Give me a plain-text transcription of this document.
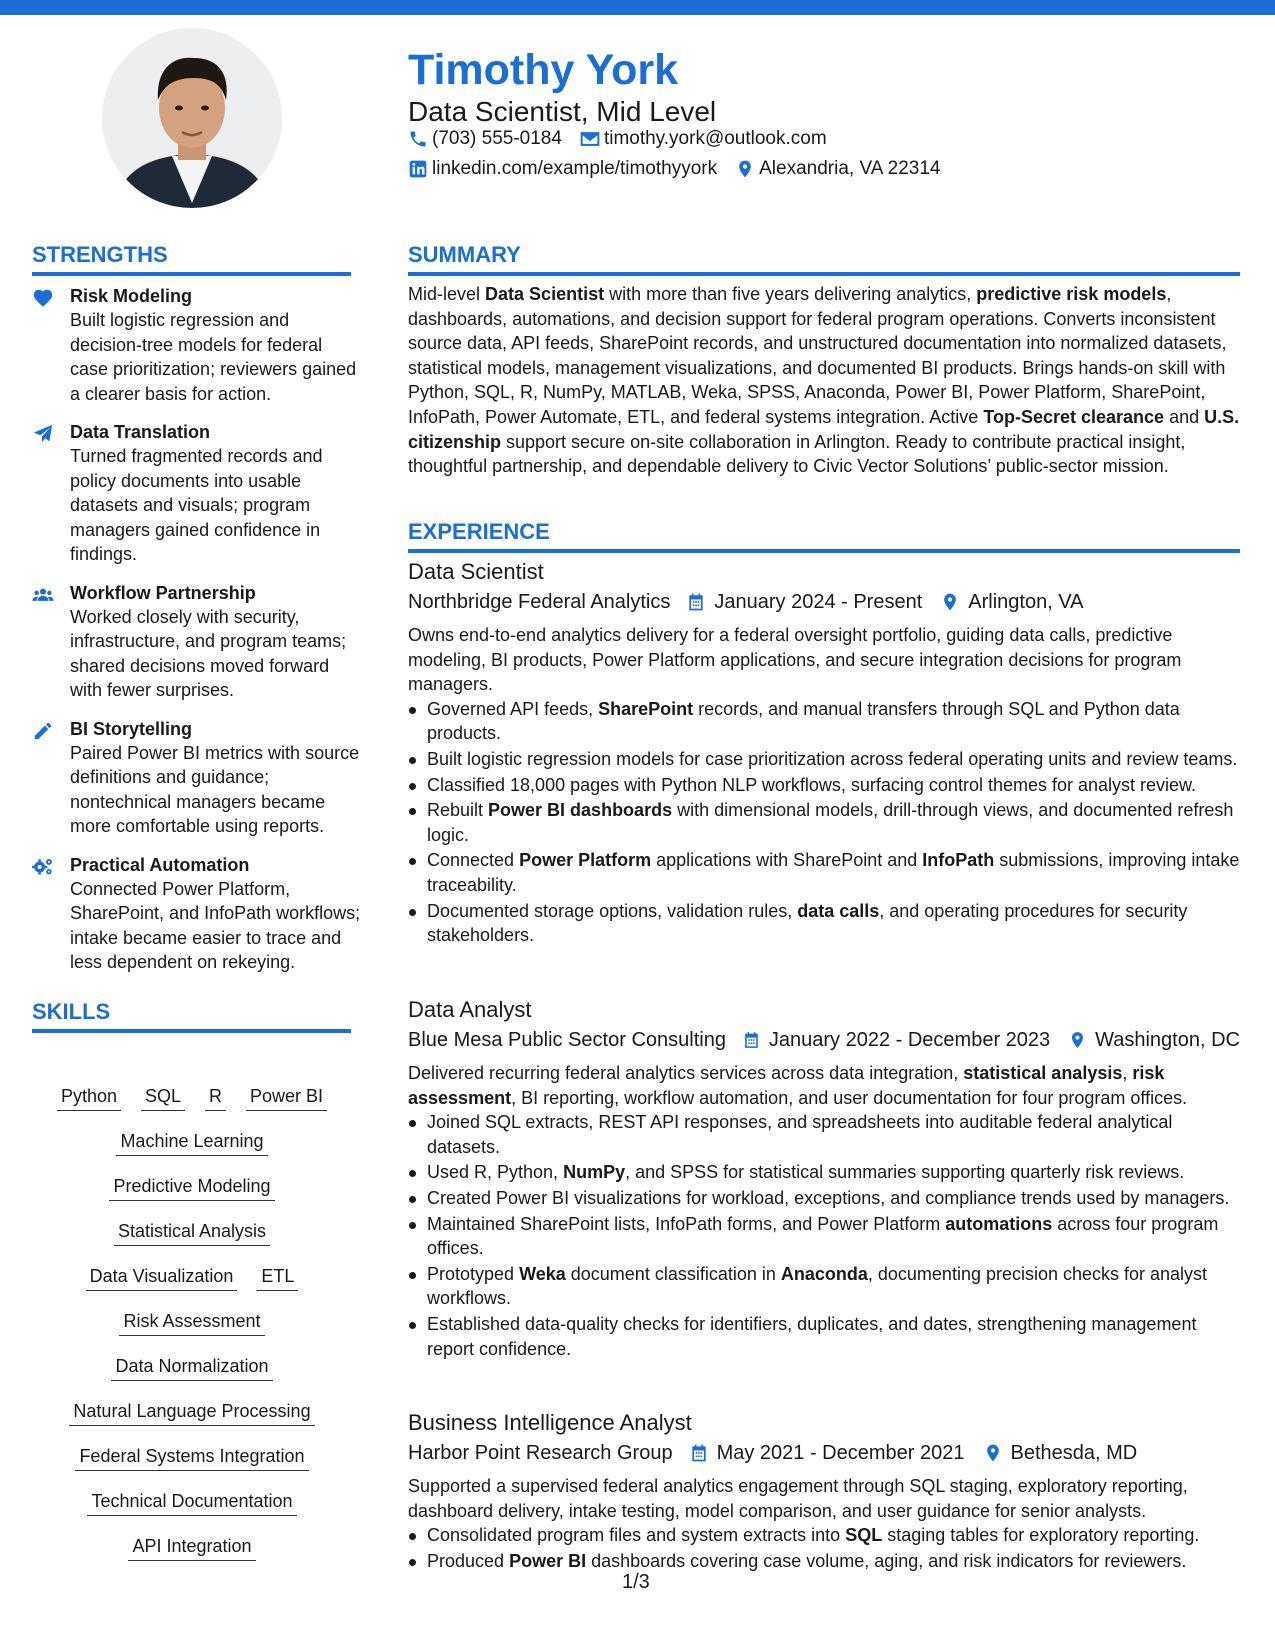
Timothy York
Data Scientist, Mid Level
(703) 555-0184 timothy.york@outlook.com
linkedin.com/example/timothyyork Alexandria, VA 22314
STRENGTHS
Risk Modeling
Built logistic regression and decision-tree models for federal case prioritization; reviewers gained a clearer basis for action.
Data Translation
Turned fragmented records and policy documents into usable datasets and visuals; program managers gained confidence in findings.
Workflow Partnership
Worked closely with security, infrastructure, and program teams; shared decisions moved forward with fewer surprises.
BI Storytelling
Paired Power BI metrics with source definitions and guidance; nontechnical managers became more comfortable using reports.
Practical Automation
Connected Power Platform, SharePoint, and InfoPath workflows; intake became easier to trace and less dependent on rekeying.
SKILLS
Python SQL R Power BI
Machine Learning
Predictive Modeling
Statistical Analysis
Data Visualization ETL
Risk Assessment
Data Normalization
Natural Language Processing
Federal Systems Integration
Technical Documentation
API Integration
SUMMARY
Mid-level Data Scientist with more than five years delivering analytics, predictive risk models, dashboards, automations, and decision support for federal program operations. Converts inconsistent source data, API feeds, SharePoint records, and unstructured documentation into normalized datasets, statistical models, management visualizations, and documented BI products. Brings hands-on skill with Python, SQL, R, NumPy, MATLAB, Weka, SPSS, Anaconda, Power BI, Power Platform, SharePoint, InfoPath, Power Automate, ETL, and federal systems integration. Active Top-Secret clearance and U.S. citizenship support secure on-site collaboration in Arlington. Ready to contribute practical insight, thoughtful partnership, and dependable delivery to Civic Vector Solutions’ public-sector mission.
EXPERIENCE
Data Scientist
Northbridge Federal Analytics January 2024 - Present Arlington, VA
Owns end-to-end analytics delivery for a federal oversight portfolio, guiding data calls, predictive modeling, BI products, Power Platform applications, and secure integration decisions for program managers.
Governed API feeds, SharePoint records, and manual transfers through SQL and Python data products.
Built logistic regression models for case prioritization across federal operating units and review teams.
Classified 18,000 pages with Python NLP workflows, surfacing control themes for analyst review.
Rebuilt Power BI dashboards with dimensional models, drill-through views, and documented refresh logic.
Connected Power Platform applications with SharePoint and InfoPath submissions, improving intake traceability.
Documented storage options, validation rules, data calls, and operating procedures for security stakeholders.
Data Analyst
Blue Mesa Public Sector Consulting January 2022 - December 2023 Washington, DC
Delivered recurring federal analytics services across data integration, statistical analysis, risk assessment, BI reporting, workflow automation, and user documentation for four program offices.
Joined SQL extracts, REST API responses, and spreadsheets into auditable federal analytical datasets.
Used R, Python, NumPy, and SPSS for statistical summaries supporting quarterly risk reviews.
Created Power BI visualizations for workload, exceptions, and compliance trends used by managers.
Maintained SharePoint lists, InfoPath forms, and Power Platform automations across four program offices.
Prototyped Weka document classification in Anaconda, documenting precision checks for analyst workflows.
Established data-quality checks for identifiers, duplicates, and dates, strengthening management report confidence.
Business Intelligence Analyst
Harbor Point Research Group May 2021 - December 2021 Bethesda, MD
Supported a supervised federal analytics engagement through SQL staging, exploratory reporting, dashboard delivery, intake testing, model comparison, and user guidance for senior analysts.
Consolidated program files and system extracts into SQL staging tables for exploratory reporting.
Produced Power BI dashboards covering case volume, aging, and risk indicators for reviewers.
1/3
